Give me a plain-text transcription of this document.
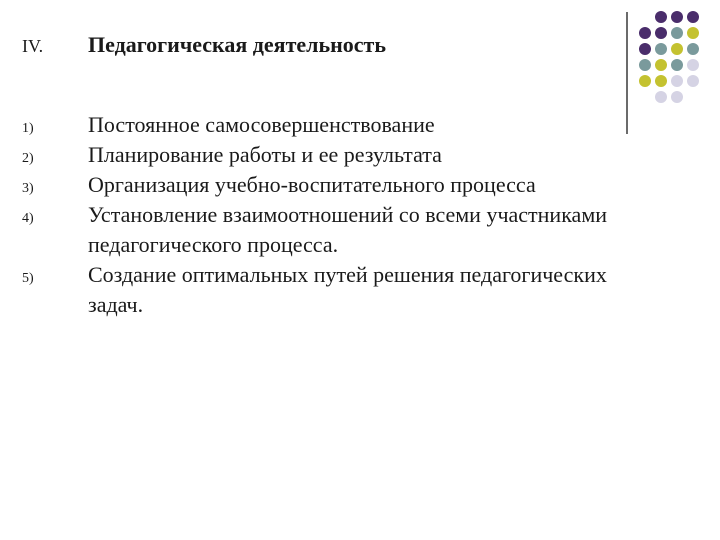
IV.	Педагогическая деятельность
1)	Постоянное самосовершенствование
2)	Планирование работы и ее результата
3)	Организация учебно-воспитательного процесса
4)	Установление взаимоотношений со всеми участниками педагогического процесса.
5)	Создание оптимальных путей решения педагогических задач.
